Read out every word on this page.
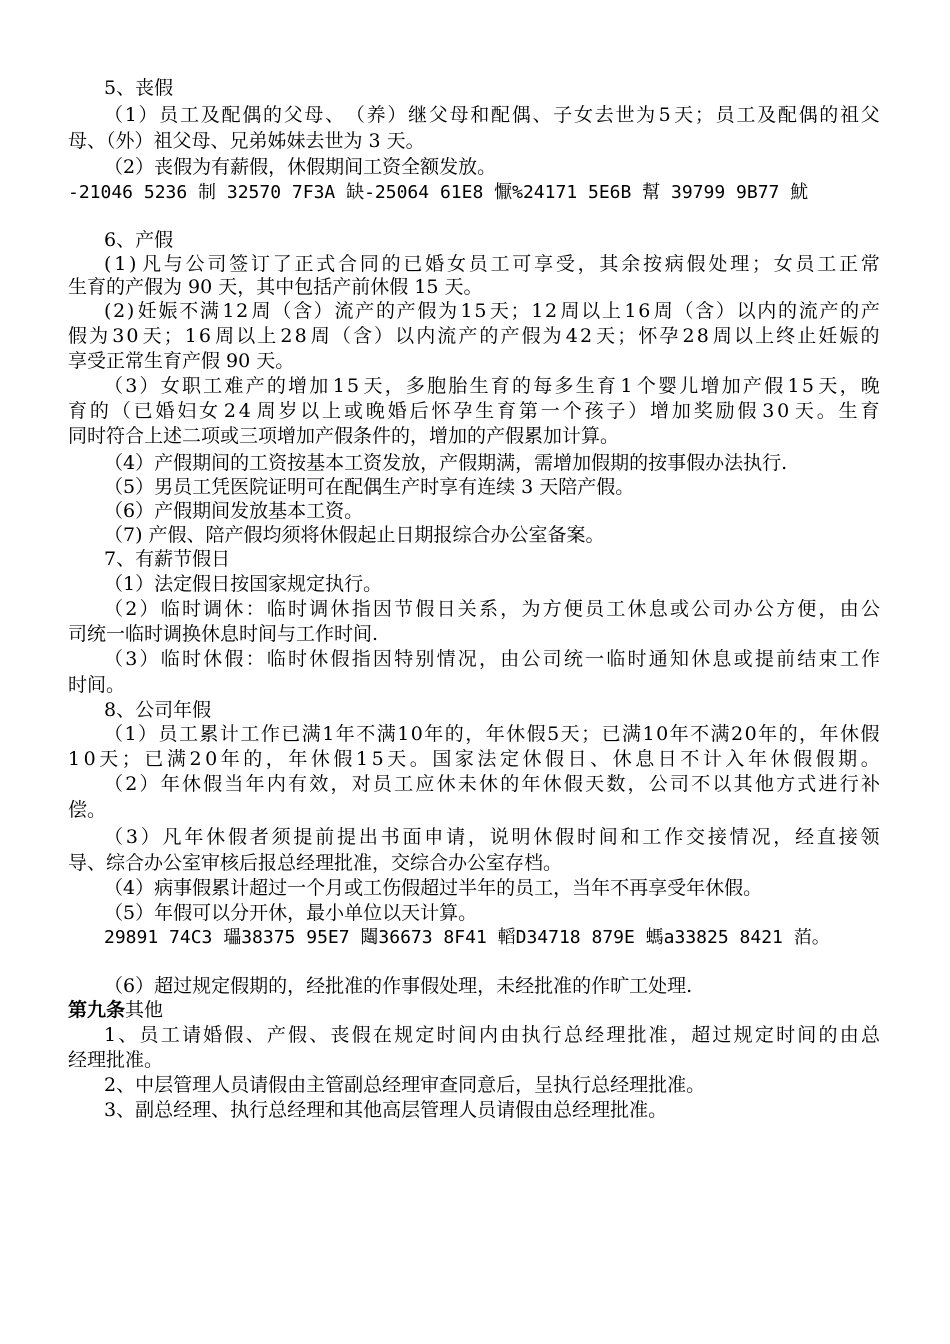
5、丧假
（ 1 ） 员 工 及 配 偶 的 父 母 、 （ 养 ） 继 父 母 和 配 偶 、 子 女 去 世 为 5 天 ； 员 工 及 配 偶 的 祖 父
母、（外）祖父母、兄弟姊妹去世为 3 天。
（2）丧假为有薪假，休假期间工资全额发放。
-21046 5236 制 32570 7F3A 缺-25064 61E8 懨%24171 5E6B 幫 39799 9B77 魷
6、产假
( 1 ) 凡 与 公 司 签 订 了 正 式 合 同 的 已 婚 女 员 工 可 享 受 ， 其 余 按 病 假 处 理 ； 女 员 工 正 常
生育的产假为 90 天，其中包括产前休假 15 天。
( 2 ) 妊 娠 不 满 1 2 周 （ 含 ） 流 产 的 产 假 为 1 5 天 ； 1 2 周 以 上 1 6 周 （ 含 ） 以 内 的 流 产 的 产
假 为 3 0 天 ； 1 6 周 以 上 2 8 周 （ 含 ） 以 内 流 产 的 产 假 为 4 2 天 ； 怀 孕 2 8 周 以 上 终 止 妊 娠 的
享受正常生育产假 90 天。
（ 3 ） 女 职 工 难 产 的 增 加 1 5 天 ， 多 胞 胎 生 育 的 每 多 生 育 1 个 婴 儿 增 加 产 假 1 5 天 ， 晚
育 的 （ 已 婚 妇 女 2 4 周 岁 以 上 或 晚 婚 后 怀 孕 生 育 第 一 个 孩 子 ） 增 加 奖 励 假 3 0 天 。 生 育
同时符合上述二项或三项增加产假条件的，增加的产假累加计算。
（4）产假期间的工资按基本工资发放，产假期满，需增加假期的按事假办法执行.
（5）男员工凭医院证明可在配偶生产时享有连续 3 天陪产假。
（6）产假期间发放基本工资。
（7) 产假、陪产假均须将休假起止日期报综合办公室备案。
7、有薪节假日
（1）法定假日按国家规定执行。
（ 2 ） 临 时 调 休 ： 临 时 调 休 指 因 节 假 日 关 系 ， 为 方 便 员 工 休 息 或 公 司 办 公 方 便 ， 由 公
司统一临时调换休息时间与工作时间.
（ 3 ） 临 时 休 假 ： 临 时 休 假 指 因 特 别 情 况 ， 由 公 司 统 一 临 时 通 知 休 息 或 提 前 结 束 工 作
时间。
8、公司年假
（ 1 ） 员 工 累 计 工 作 已 满 1 年 不 满 1 0 年 的 ， 年 休 假 5 天 ； 已 满 1 0 年 不 满 2 0 年 的 ， 年 休 假
1 0 天 ； 已 满 2 0 年 的 ， 年 休 假 1 5 天 。 国 家 法 定 休 假 日 、 休 息 日 不 计 入 年 休 假 假 期 。
（ 2 ） 年 休 假 当 年 内 有 效 ， 对 员 工 应 休 未 休 的 年 休 假 天 数 ， 公 司 不 以 其 他 方 式 进 行 补
偿。
（ 3 ） 凡 年 休 假 者 须 提 前 提 出 书 面 申 请 ， 说 明 休 假 时 间 和 工 作 交 接 情 况 ， 经 直 接 领
导、综合办公室审核后报总经理批准，交综合办公室存档。
（4）病事假累计超过一个月或工伤假超过半年的员工，当年不再享受年休假。
（5）年假可以分开休，最小单位以天计算。
29891 74C3 瓃38375 95E7 闧36673 8F41 轁D34718 879E 螞a33825 8421 萡。
（6）超过规定假期的，经批准的作事假处理，未经批准的作旷工处理.
第九条其他
1 、 员 工 请 婚 假 、 产 假 、 丧 假 在 规 定 时 间 内 由 执 行 总 经 理 批 准 ， 超 过 规 定 时 间 的 由 总
经理批准。
2、中层管理人员请假由主管副总经理审查同意后，呈执行总经理批准。
3、副总经理、执行总经理和其他高层管理人员请假由总经理批准。
